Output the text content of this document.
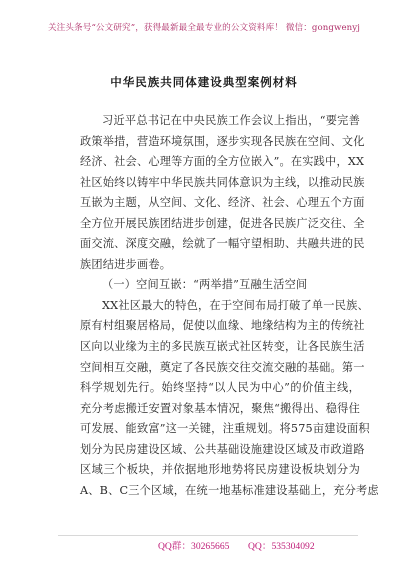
关注头条号“公文研究”，获得最新最全最专业的公文资料库！ 微信：gongwenyj
中华民族共同体建设典型案例材料
习近平总书记在中央民族工作会议上指出，“要完善
政策举措，营造环境氛围，逐步实现各民族在空间、文化
经济、社会、心理等方面的全方位嵌入”。在实践中，XX
社区始终以铸牢中华民族共同体意识为主线，以推动民族
互嵌为主题，从空间、文化、经济、社会、心理五个方面
全方位开展民族团结进步创建，促进各民族广泛交往、全
面交流、深度交融，绘就了一幅守望相助、共融共进的民
族团结进步画卷。
（一）空间互嵌：“两举措”互融生活空间
XX社区最大的特色，在于空间布局打破了单一民族、
原有村组聚居格局，促使以血缘、地缘结构为主的传统社
区向以业缘为主的多民族互嵌式社区转变，让各民族生活
空间相互交融，奠定了各民族交往交流交融的基础。第一
科学规划先行。始终坚持“以人民为中心”的价值主线，
充分考虑搬迁安置对象基本情况，聚焦“搬得出、稳得住
可发展、能致富”这一关键，注重规划。将575亩建设面积
划分为民房建设区域、公共基础设施建设区域及市政道路
区域三个板块，并依据地形地势将民房建设板块划分为
A、B、C三个区域，在统一地基标准建设基础上，充分考虑
QQ群：30265665 QQ：535304092
